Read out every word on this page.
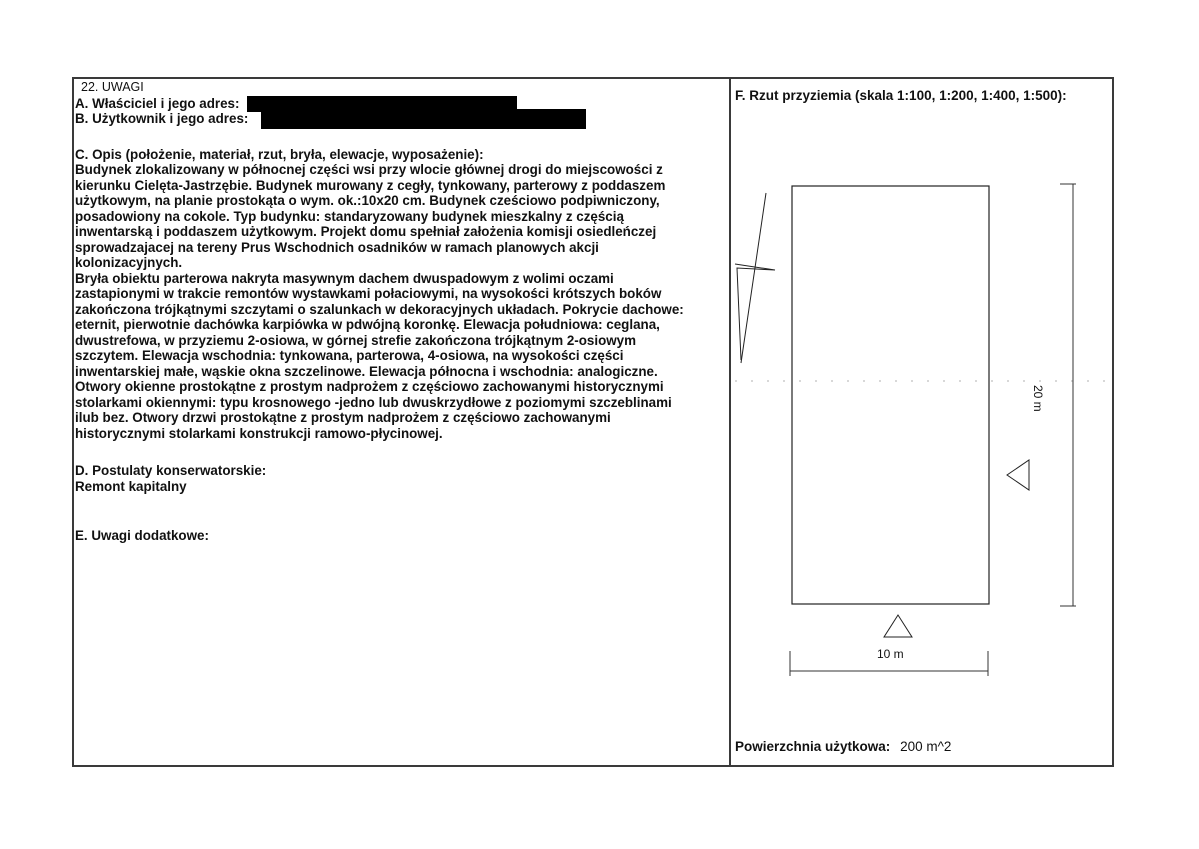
22. UWAGI
A. Właściciel i jego adres:
B. Użytkownik i jego adres:

C. Opis (położenie, materiał, rzut, bryła, elewacje, wyposażenie):

Budynek zlokalizowany w północnej części wsi przy wlocie głównej drogi do miejscowości z

kierunku Cielęta-Jastrzębie. Budynek murowany z cegły, tynkowany, parterowy z poddaszem

użytkowym, na planie prostokąta o wym. ok.:10x20 cm. Budynek cześciowo podpiwniczony,

posadowiony na cokole. Typ budynku: standaryzowany budynek mieszkalny z częścią

inwentarską i poddaszem użytkowym. Projekt domu spełniał założenia komisji osiedleńczej

sprowadzajacej na tereny Prus Wschodnich osadników w ramach planowych akcji

kolonizacyjnych.

Bryła obiektu parterowa nakryta masywnym dachem dwuspadowym z wolimi oczami

zastapionymi w trakcie remontów wystawkami połaciowymi, na wysokości krótszych boków

zakończona trójkątnymi szczytami o szalunkach w dekoracyjnych układach. Pokrycie dachowe:

eternit, pierwotnie dachówka karpiówka w pdwójną koronkę. Elewacja południowa: ceglana,

dwustrefowa, w przyziemu 2-osiowa, w górnej strefie zakończona trójkątnym 2-osiowym

szczytem. Elewacja wschodnia: tynkowana, parterowa, 4-osiowa, na wysokości części

inwentarskiej małe, wąskie okna szczelinowe. Elewacja północna i wschodnia: analogiczne.

Otwory okienne prostokątne z prostym nadprożem z częściowo zachowanymi historycznymi

stolarkami okiennymi: typu krosnowego -jedno lub dwuskrzydłowe z poziomymi szczeblinami

ilub bez. Otwory drzwi prostokątne z prostym nadprożem z częściowo zachowanymi

historycznymi stolarkami konstrukcji ramowo-płycinowej.

D. Postulaty konserwatorskie:
Remont kapitalny
E. Uwagi dodatkowe:
F. Rzut przyziemia (skala 1:100, 1:200, 1:400, 1:500):
10 m
20 m
Powierzchnia użytkowa: 200 m^2
